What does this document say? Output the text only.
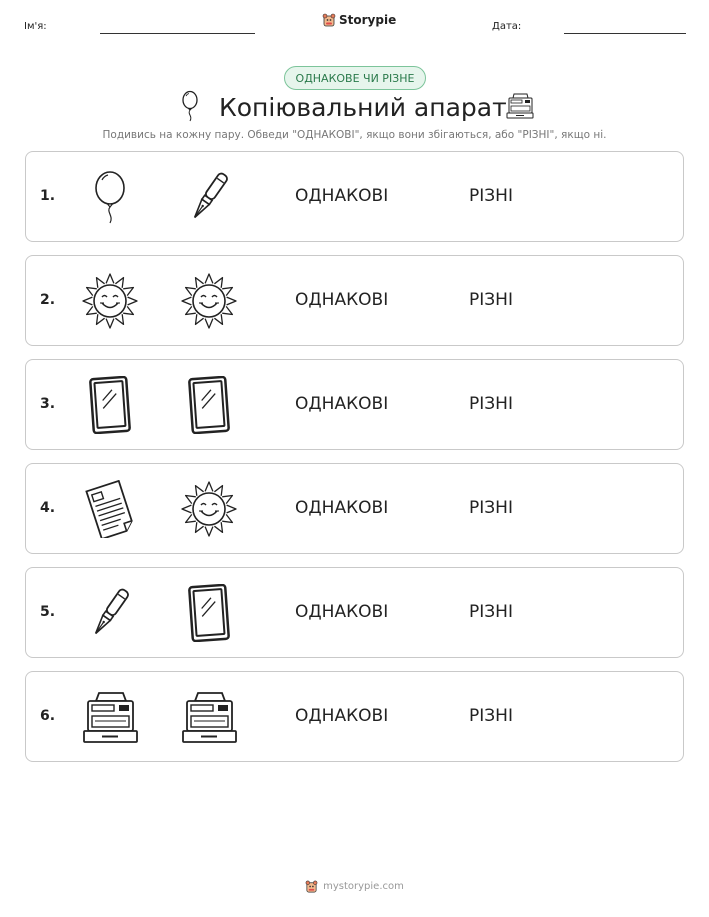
Ім'я:	Storypie	Дата:
ОДНАКОВЕ ЧИ РІЗНЕ
Копіювальний апарат
Подивись на кожну пару. Обведи "ОДНАКОВІ", якщо вони збігаються, або "РІЗНІ", якщо ні.
1.	ОДНАКОВІ	РІЗНІ
2.	ОДНАКОВІ	РІЗНІ
3.	ОДНАКОВІ	РІЗНІ
4.	ОДНАКОВІ	РІЗНІ
5.	ОДНАКОВІ	РІЗНІ
6.	ОДНАКОВІ	РІЗНІ
mystorypie.com
